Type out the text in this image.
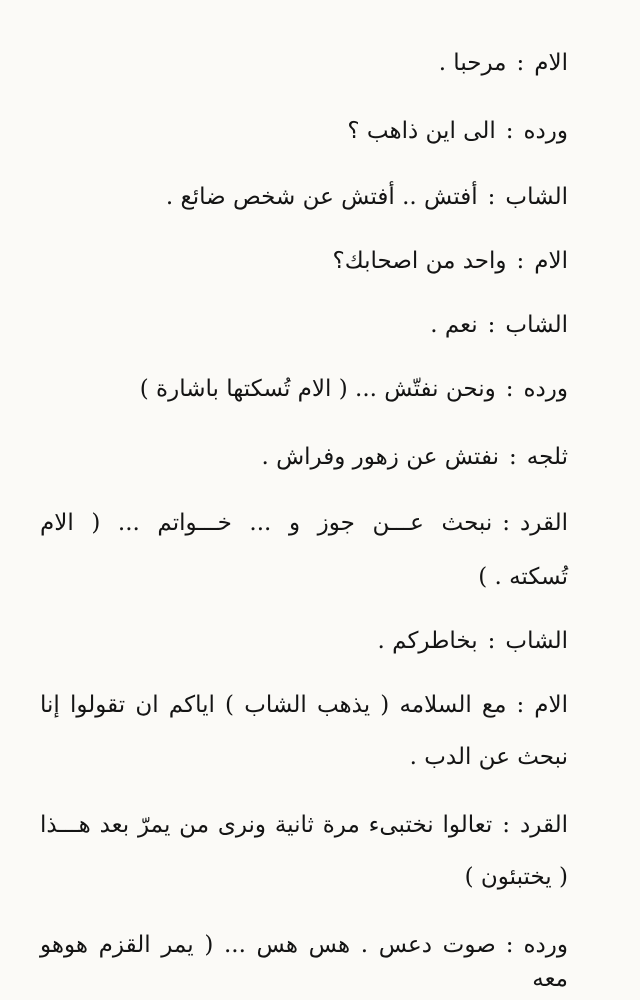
الام:مرحبا .
ورده:الى اين ذاهب ؟
الشاب:أفتش .. أفتش عن شخص ضائع .
الام:واحد من اصحابك؟
الشاب:نعم .
ورده:ونحن نفتّش ... ( الام تُسكتها باشارة )
ثلجه:نفتش عن زهور وفراش .
القرد:نبحث عـــن جوز و ... خـــواتم ... ( الام
تُسكته . )
الشاب:بخاطركم .
الام:مع السلامه ( يذهب الشاب ) اياكم ان تقولوا إنا
نبحث عن الدب .
القرد:تعالوا نختبىء مرة ثانية ونرى من يمرّ بعد هـــذا
( يختبئون )
ورده:صوت دعس . هس هس ... ( يمر القزم هوهو معه
